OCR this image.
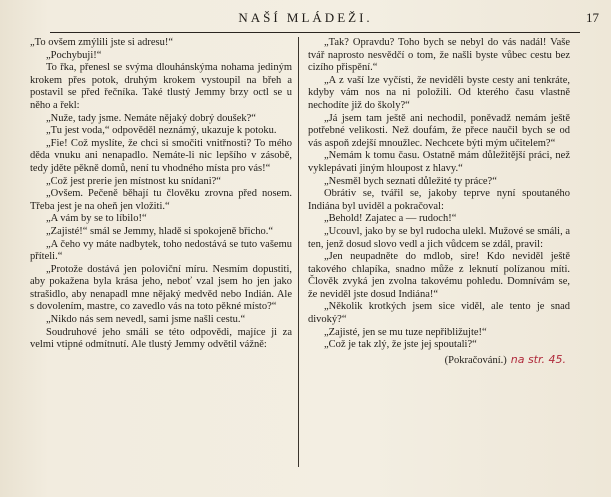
NAŠÍ MLÁDEŽI.	17

„To ovšem zmýlili jste si adresu!“

„Pochybuji!“

To řka, přenesl se svýma dlouhánskýma nohama jediným krokem přes potok, druhým krokem vystoupil na břeh a postavil se před řečníka. Také tlustý Jemmy brzy octl se u něho a řekl:

„Nuže, tady jsme. Nemáte nějaký dobrý doušek?“

„Tu jest voda,“ odpověděl neznámý, ukazuje k potoku.

„Fie! Což myslíte, že chci si smočiti vnitřnosti? To mého děda vnuku ani nenapadlo. Nemáte-li nic lepšího v zásobě, tedy jděte pěkně domů, není tu vhodného místa pro vás!“

„Což jest prerie jen místnost ku snídani?“

„Ovšem. Pečeně běhají tu člověku zrovna před nosem. Třeba jest je na oheň jen vložiti.“

„A vám by se to líbilo!“

„Zajisté!“ smál se Jemmy, hladě si spokojeně břicho.“

„A čeho vy máte nadbytek, toho nedostává se tuto vašemu příteli.“

„Protože dostává jen poloviční míru. Nesmím dopustiti, aby pokažena byla krása jeho, neboť vzal jsem ho jen jako strašidlo, aby nenapadl mne nějaký medvěd nebo Indián. Ale s dovolením, mastre, co zavedlo vás na toto pěkné místo?“

„Nikdo nás sem nevedl, sami jsme našli cestu.“

Soudruhové jeho smáli se této odpovědi, majíce ji za velmi vtipné odmítnutí. Ale tlustý Jemmy odvětil vážně:

„Tak? Opravdu? Toho bych se nebyl do vás nadál! Vaše tvář naprosto nesvědčí o tom, že našli byste vůbec cestu bez cizího přispění.“

„A z vaší lze vyčísti, že neviděli byste cesty ani tenkráte, kdyby vám nos na ni položili. Od kteréhо času vlastně nechodíte již do školy?“

„Já jsem tam ještě ani nechodil, poněvadž nemám ještě potřebné velikosti. Než doufám, že přece naučil bych se od vás aspoň zdejší mnoužlec. Nechcete býti mým učitelem?“

„Nemám k tomu času. Ostatně mám důležitější práci, než vyklepávati jiným hloupost z hlavy.“

„Nesměl bych seznati důležité ty práce?“

Obrátiv se, tvářil se, jakoby teprve nyní spoutaného Indiána byl uviděl a pokračoval:

„Behold! Zajatec a — rudoch!“

„Ucouvl, jako by se byl rudocha ulekl. Mužové se smáli, a ten, jenž dosud slovo vedl a jich vůdcem se zdál, pravil:

„Jen neupadněte do mdlob, sire! Kdo neviděl ještě takového chlapíka, snadno může z leknutí polízanou míti. Člověk zvyká jen zvolna takovému pohledu. Domnívám se, že neviděl jste dosud Indiána!“

„Několik krotkých jsem sice viděl, ale tento je snad divoký?“

„Zajisté, jen se mu tuze nepřibližujte!“

„Což je tak zlý, že jste jej spoutali?“

(Pokračování.) na str. 45.
